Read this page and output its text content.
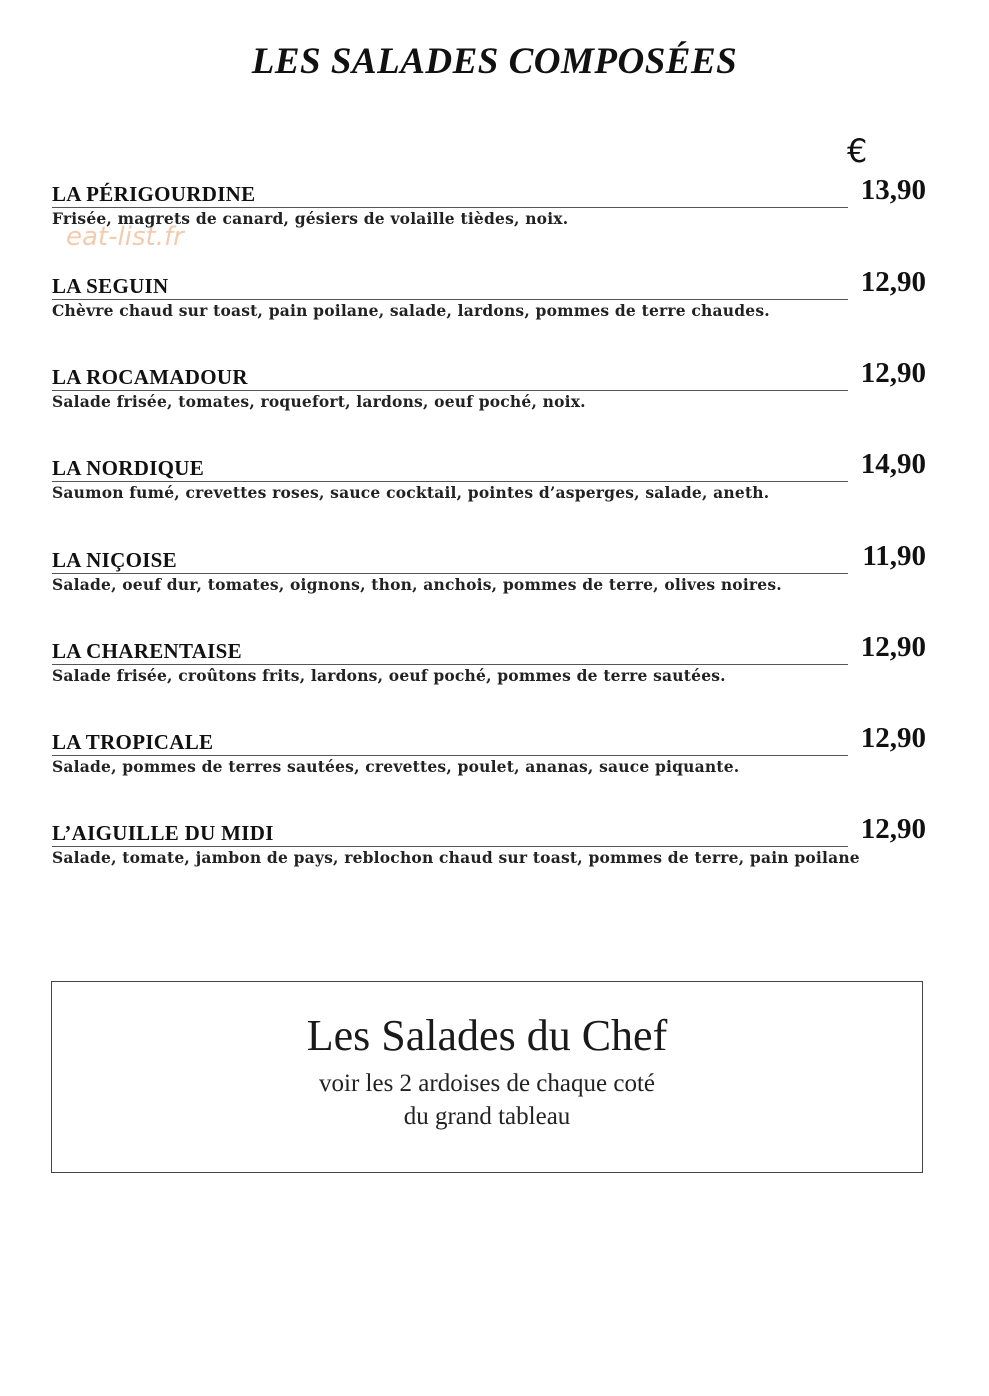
LES SALADES COMPOSÉES
€
eat-list.fr
LA PÉRIGOURDINE	13,90
Frisée, magrets de canard, gésiers de volaille tièdes, noix.
LA SEGUIN	12,90
Chèvre chaud sur toast, pain poilane, salade, lardons, pommes de terre chaudes.
LA ROCAMADOUR	12,90
Salade frisée, tomates, roquefort, lardons, oeuf poché, noix.
LA NORDIQUE	14,90
Saumon fumé, crevettes roses, sauce cocktail, pointes d’asperges, salade, aneth.
LA NIÇOISE	11,90
Salade, oeuf dur, tomates, oignons, thon, anchois, pommes de terre, olives noires.
LA CHARENTAISE	12,90
Salade frisée, croûtons frits, lardons, oeuf poché, pommes de terre sautées.
LA TROPICALE	12,90
Salade, pommes de terres sautées, crevettes, poulet, ananas, sauce piquante.
L’AIGUILLE DU MIDI	12,90
Salade, tomate, jambon de pays, reblochon chaud sur toast, pommes de terre, pain poilane
Les Salades du Chef
voir les 2 ardoises de chaque coté
du grand tableau
